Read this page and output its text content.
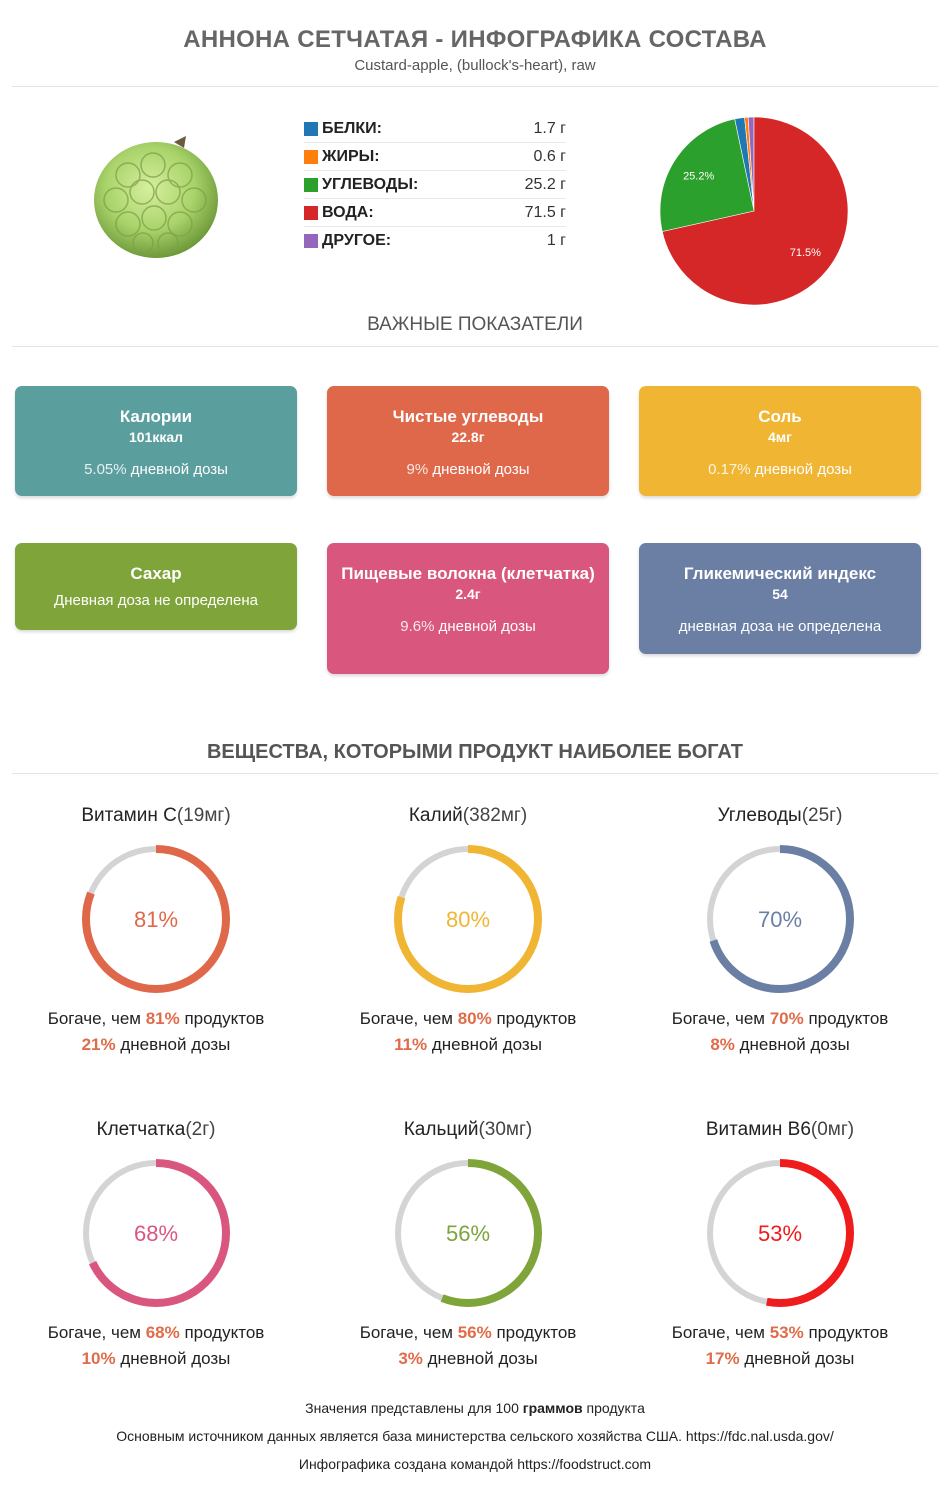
АННОНА СЕТЧАТАЯ - ИНФОГРАФИКА СОСТАВА
Custard-apple, (bullock's-heart), raw
БЕЛКИ:	1.7 г
ЖИРЫ:	0.6 г
УГЛЕВОДЫ:	25.2 г
ВОДА:	71.5 г
ДРУГОЕ:	1 г
71.5%
25.2%
ВАЖНЫЕ ПОКАЗАТЕЛИ
Калории
101ккал
5.05% дневной дозы
Чистые углеводы
22.8г
9% дневной дозы
Соль
4мг
0.17% дневной дозы
Сахар
Дневная доза не определена
Пищевые волокна (клетчатка)
2.4г
9.6% дневной дозы
Гликемический индекс
54
дневная доза не определена
ВЕЩЕСТВА, КОТОРЫМИ ПРОДУКТ НАИБОЛЕЕ БОГАТ
Витамин C(19мг)
81%
Богаче, чем 81% продуктов
21% дневной дозы
Калий(382мг)
80%
Богаче, чем 80% продуктов
11% дневной дозы
Углеводы(25г)
70%
Богаче, чем 70% продуктов
8% дневной дозы
Клетчатка(2г)
68%
Богаче, чем 68% продуктов
10% дневной дозы
Кальций(30мг)
56%
Богаче, чем 56% продуктов
3% дневной дозы
Витамин B6(0мг)
53%
Богаче, чем 53% продуктов
17% дневной дозы
Значения представлены для 100 граммов продукта
Основным источником данных является база министерства сельского хозяйства США. https://fdc.nal.usda.gov/
Инфографика создана командой https://foodstruct.com
